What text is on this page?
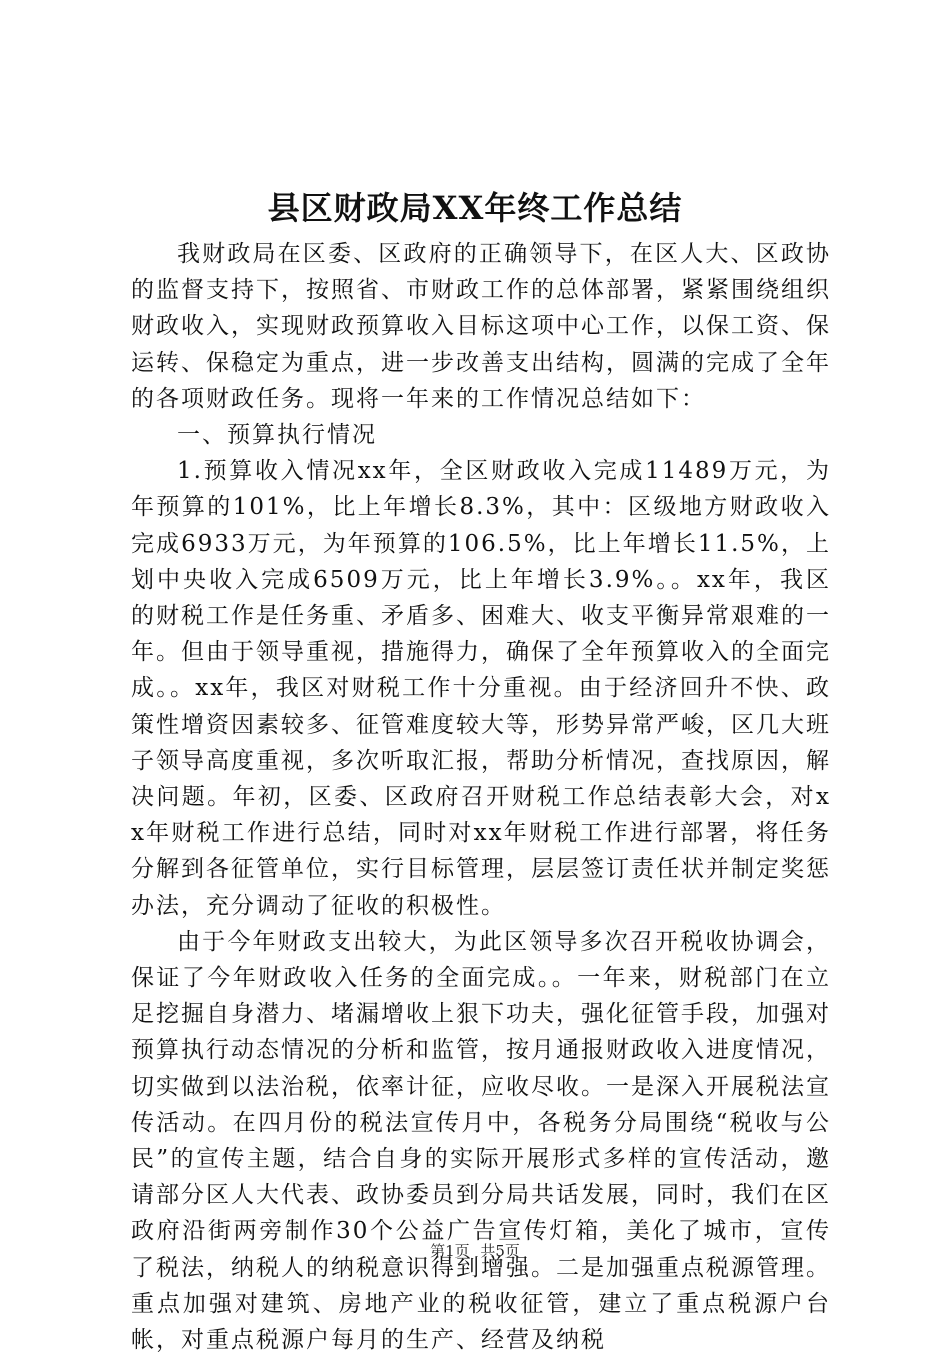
县区财政局XX年终工作总结

我财政局在区委、区政府的正确领导下，在区人大、区政协的监督支持下，按照省、市财政工作的总体部署，紧紧围绕组织财政收入，实现财政预算收入目标这项中心工作，以保工资、保运转、保稳定为重点，进一步改善支出结构，圆满的完成了全年的各项财政任务。现将一年来的工作情况总结如下：

一、预算执行情况

1.预算收入情况xx年，全区财政收入完成11489万元，为年预算的101%，比上年增长8.3%，其中：区级地方财政收入完成6933万元，为年预算的106.5%，比上年增长11.5%，上划中央收入完成6509万元，比上年增长3.9%。。xx年，我区的财税工作是任务重、矛盾多、困难大、收支平衡异常艰难的一年。但由于领导重视，措施得力，确保了全年预算收入的全面完成。。xx年，我区对财税工作十分重视。由于经济回升不快、政策性增资因素较多、征管难度较大等，形势异常严峻，区几大班子领导高度重视，多次听取汇报，帮助分析情况，查找原因，解决问题。年初，区委、区政府召开财税工作总结表彰大会，对xx年财税工作进行总结，同时对xx年财税工作进行部署，将任务分解到各征管单位，实行目标管理，层层签订责任状并制定奖惩办法，充分调动了征收的积极性。

由于今年财政支出较大，为此区领导多次召开税收协调会，保证了今年财政收入任务的全面完成。。一年来，财税部门在立足挖掘自身潜力、堵漏增收上狠下功夫，强化征管手段，加强对预算执行动态情况的分析和监管，按月通报财政收入进度情况，切实做到以法治税，依率计征，应收尽收。一是深入开展税法宣传活动。在四月份的税法宣传月中，各税务分局围绕“税收与公民”的宣传主题，结合自身的实际开展形式多样的宣传活动，邀请部分区人大代表、政协委员到分局共话发展，同时，我们在区政府沿街两旁制作30个公益广告宣传灯箱，美化了城市，宣传了税法，纳税人的纳税意识得到增强。二是加强重点税源管理。重点加强对建筑、房地产业的税收征管，建立了重点税源户台帐，对重点税源户每月的生产、经营及纳税

第1页 共5页
